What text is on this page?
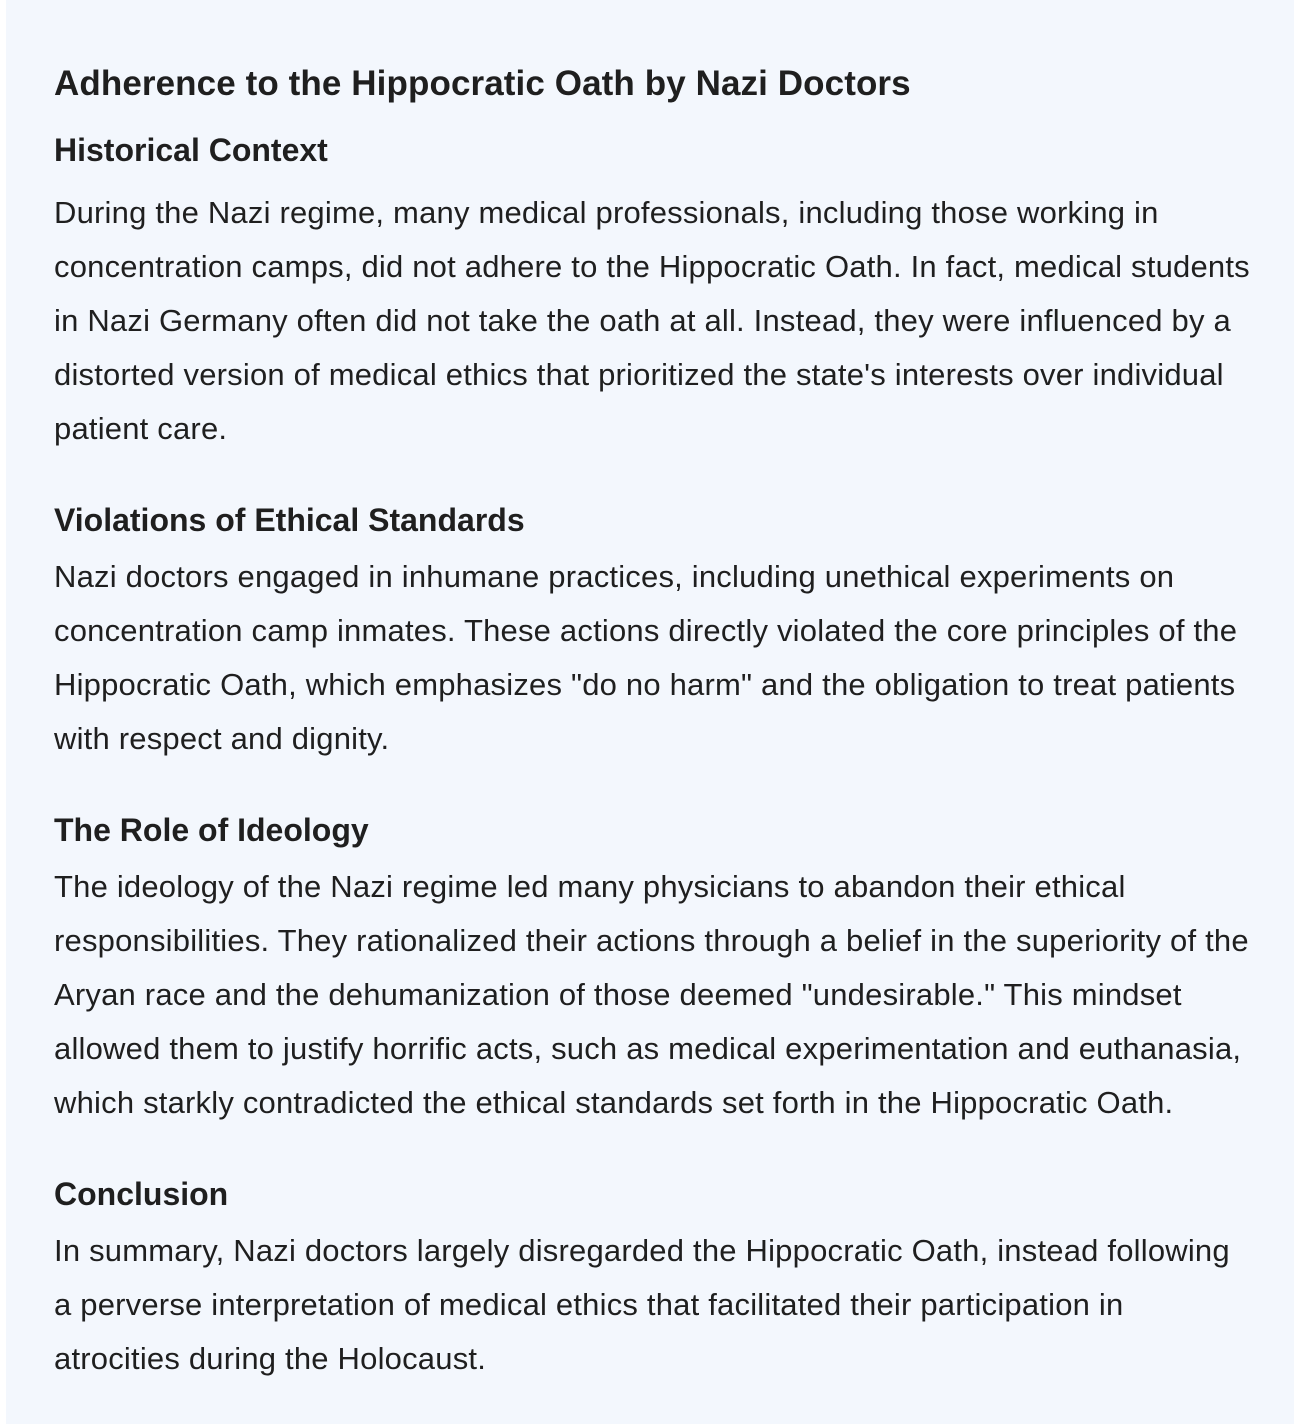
Adherence to the Hippocratic Oath by Nazi Doctors
Historical Context

During the Nazi regime, many medical professionals, including those working in concentration camps, did not adhere to the Hippocratic Oath. In fact, medical students in Nazi Germany often did not take the oath at all. Instead, they were influenced by a distorted version of medical ethics that prioritized the state's interests over individual patient care.

Violations of Ethical Standards

Nazi doctors engaged in inhumane practices, including unethical experiments on concentration camp inmates. These actions directly violated the core principles of the Hippocratic Oath, which emphasizes "do no harm" and the obligation to treat patients with respect and dignity.

The Role of Ideology

The ideology of the Nazi regime led many physicians to abandon their ethical responsibilities. They rationalized their actions through a belief in the superiority of the Aryan race and the dehumanization of those deemed "undesirable." This mindset allowed them to justify horrific acts, such as medical experimentation and euthanasia, which starkly contradicted the ethical standards set forth in the Hippocratic Oath.

Conclusion

In summary, Nazi doctors largely disregarded the Hippocratic Oath, instead following a perverse interpretation of medical ethics that facilitated their participation in atrocities during the Holocaust.
